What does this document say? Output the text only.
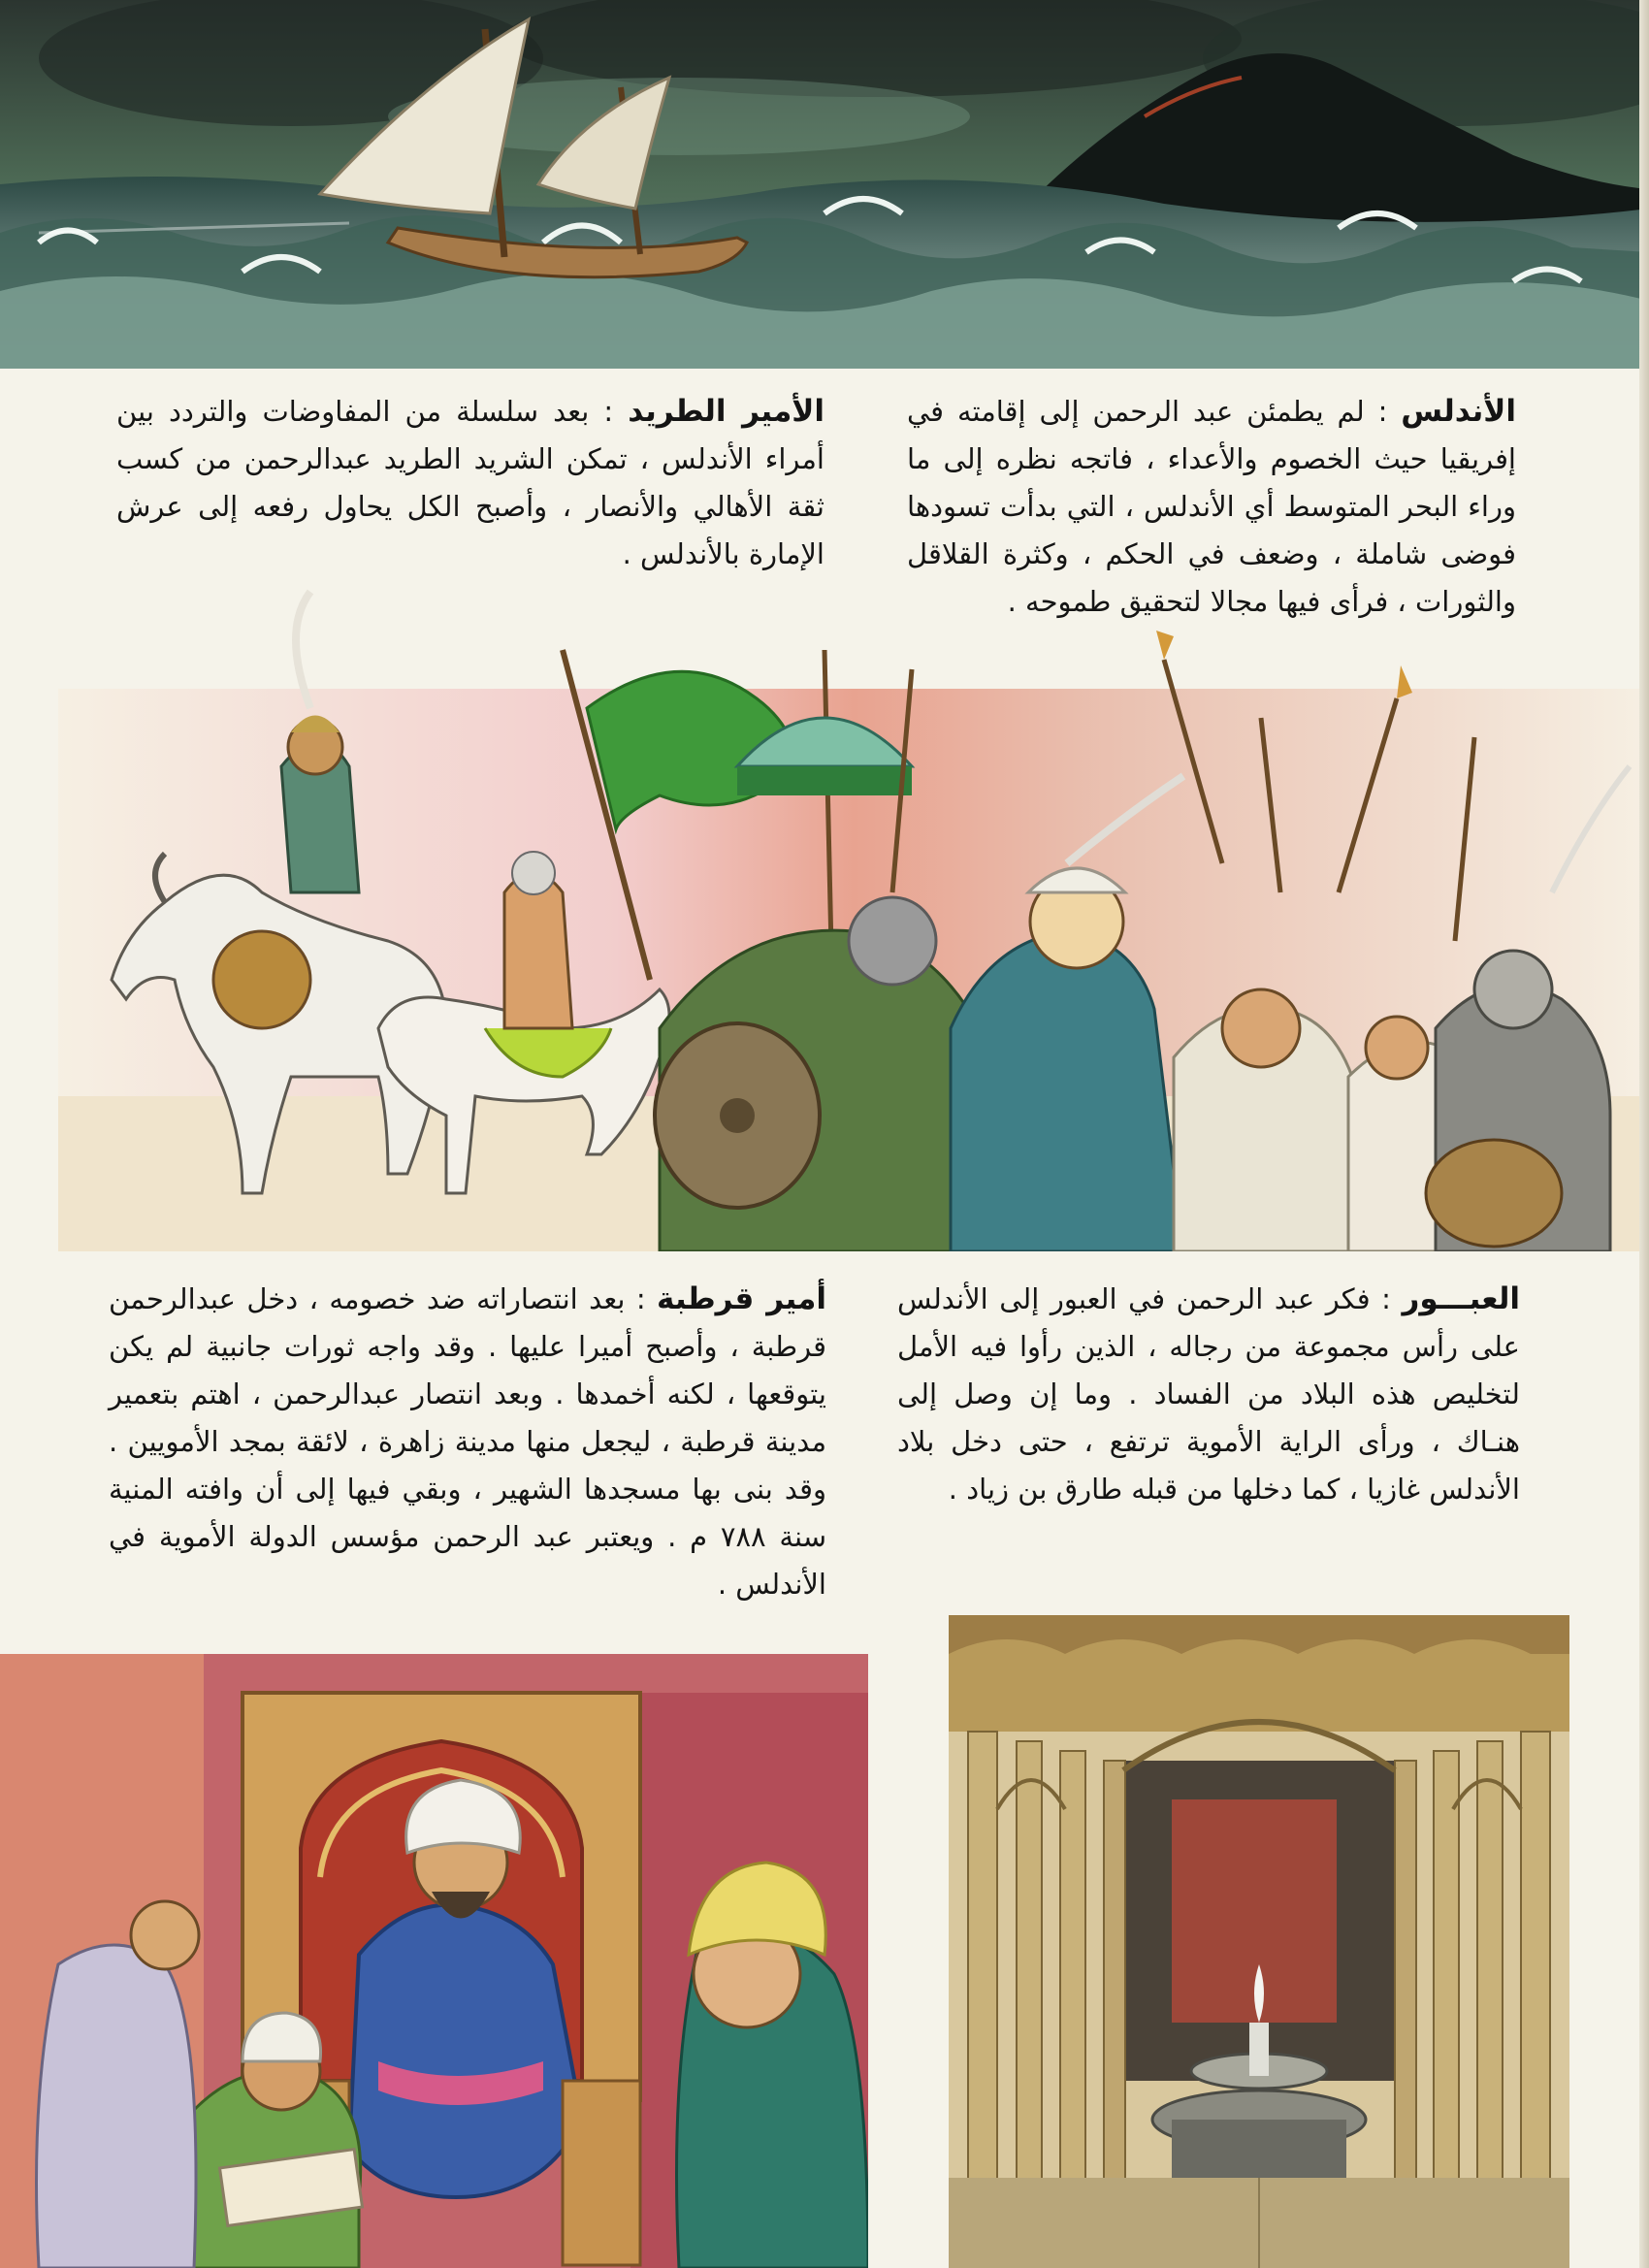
الأندلس : لم يطمئن عبد الرحمن إلى إقامته في إفريقيا حيث الخصوم والأعداء ، فاتجه نظره إلى ما وراء البحر المتوسط أي الأندلس ، التي بدأت تسودها فوضى شاملة ، وضعف في الحكم ، وكثرة القلاقل والثورات ، فرأى فيها مجالا لتحقيق طموحه .
الأمير الطريد : بعد سلسلة من المفاوضات والتردد بين أمراء الأندلس ، تمكن الشريد الطريد عبدالرحمن من كسب ثقة الأهالي والأنصار ، وأصبح الكل يحاول رفعه إلى عرش الإمارة بالأندلس .
العبـــور : فكر عبد الرحمن في العبور إلى الأندلس على رأس مجموعة من رجاله ، الذين رأوا فيه الأمل لتخليص هذه البلاد من الفساد . وما إن وصل إلى هنـاك ، ورأى الراية الأموية ترتفع ، حتى دخل بلاد الأندلس غازيا ، كما دخلها من قبله طارق بن زياد .
أمير قرطبة : بعد انتصاراته ضد خصومه ، دخل عبدالرحمن قرطبة ، وأصبح أميرا عليها . وقد واجه ثورات جانبية لم يكن يتوقعها ، لكنه أخمدها . وبعد انتصار عبدالرحمن ، اهتم بتعمير مدينة قرطبة ، ليجعل منها مدينة زاهرة ، لائقة بمجد الأمويين . وقد بنى بها مسجدها الشهير ، وبقي فيها إلى أن وافته المنية سنة ٧٨٨ م . ويعتبر عبد الرحمن مؤسس الدولة الأموية في الأندلس .
